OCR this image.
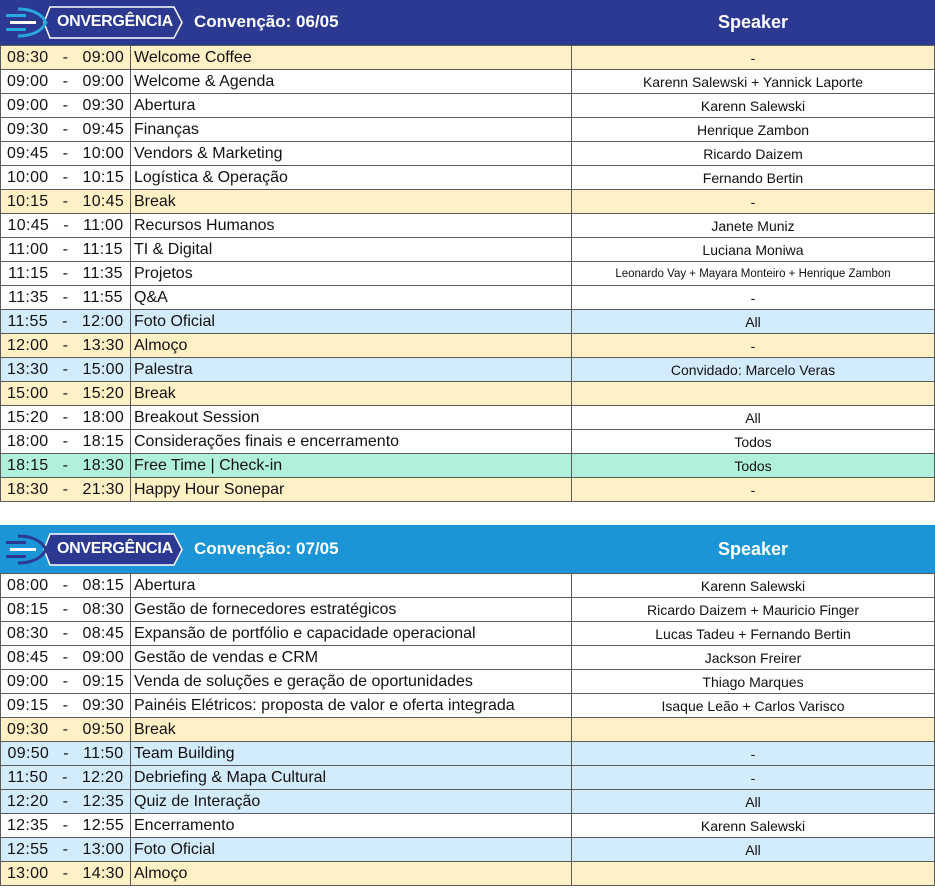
ONVERGÊNCIA Convenção: 06/05	Speaker
08:30 - 09:00	Welcome Coffee	-
09:00 - 09:00	Welcome & Agenda	Karenn Salewski + Yannick Laporte
09:00 - 09:30	Abertura	Karenn Salewski
09:30 - 09:45	Finanças	Henrique Zambon
09:45 - 10:00	Vendors & Marketing	Ricardo Daizem
10:00 - 10:15	Logística & Operação	Fernando Bertin
10:15 - 10:45	Break	-
10:45 - 11:00	Recursos Humanos	Janete Muniz
11:00 - 11:15	TI & Digital	Luciana Moniwa
11:15 - 11:35	Projetos	Leonardo Vay + Mayara Monteiro + Henrique Zambon
11:35 - 11:55	Q&A	-
11:55 - 12:00	Foto Oficial	All
12:00 - 13:30	Almoço	-
13:30 - 15:00	Palestra	Convidado: Marcelo Veras
15:00 - 15:20	Break	
15:20 - 18:00	Breakout Session	All
18:00 - 18:15	Considerações finais e encerramento	Todos
18:15 - 18:30	Free Time | Check-in	Todos
18:30 - 21:30	Happy Hour Sonepar	-
ONVERGÊNCIA Convenção: 07/05	Speaker
08:00 - 08:15	Abertura	Karenn Salewski
08:15 - 08:30	Gestão de fornecedores estratégicos	Ricardo Daizem + Mauricio Finger
08:30 - 08:45	Expansão de portfólio e capacidade operacional	Lucas Tadeu + Fernando Bertin
08:45 - 09:00	Gestão de vendas e CRM	Jackson Freirer
09:00 - 09:15	Venda de soluções e geração de oportunidades	Thiago Marques
09:15 - 09:30	Painéis Elétricos: proposta de valor e oferta integrada	Isaque Leão + Carlos Varisco
09:30 - 09:50	Break	
09:50 - 11:50	Team Building	-
11:50 - 12:20	Debriefing & Mapa Cultural	-
12:20 - 12:35	Quiz de Interação	All
12:35 - 12:55	Encerramento	Karenn Salewski
12:55 - 13:00	Foto Oficial	All
13:00 - 14:30	Almoço	
